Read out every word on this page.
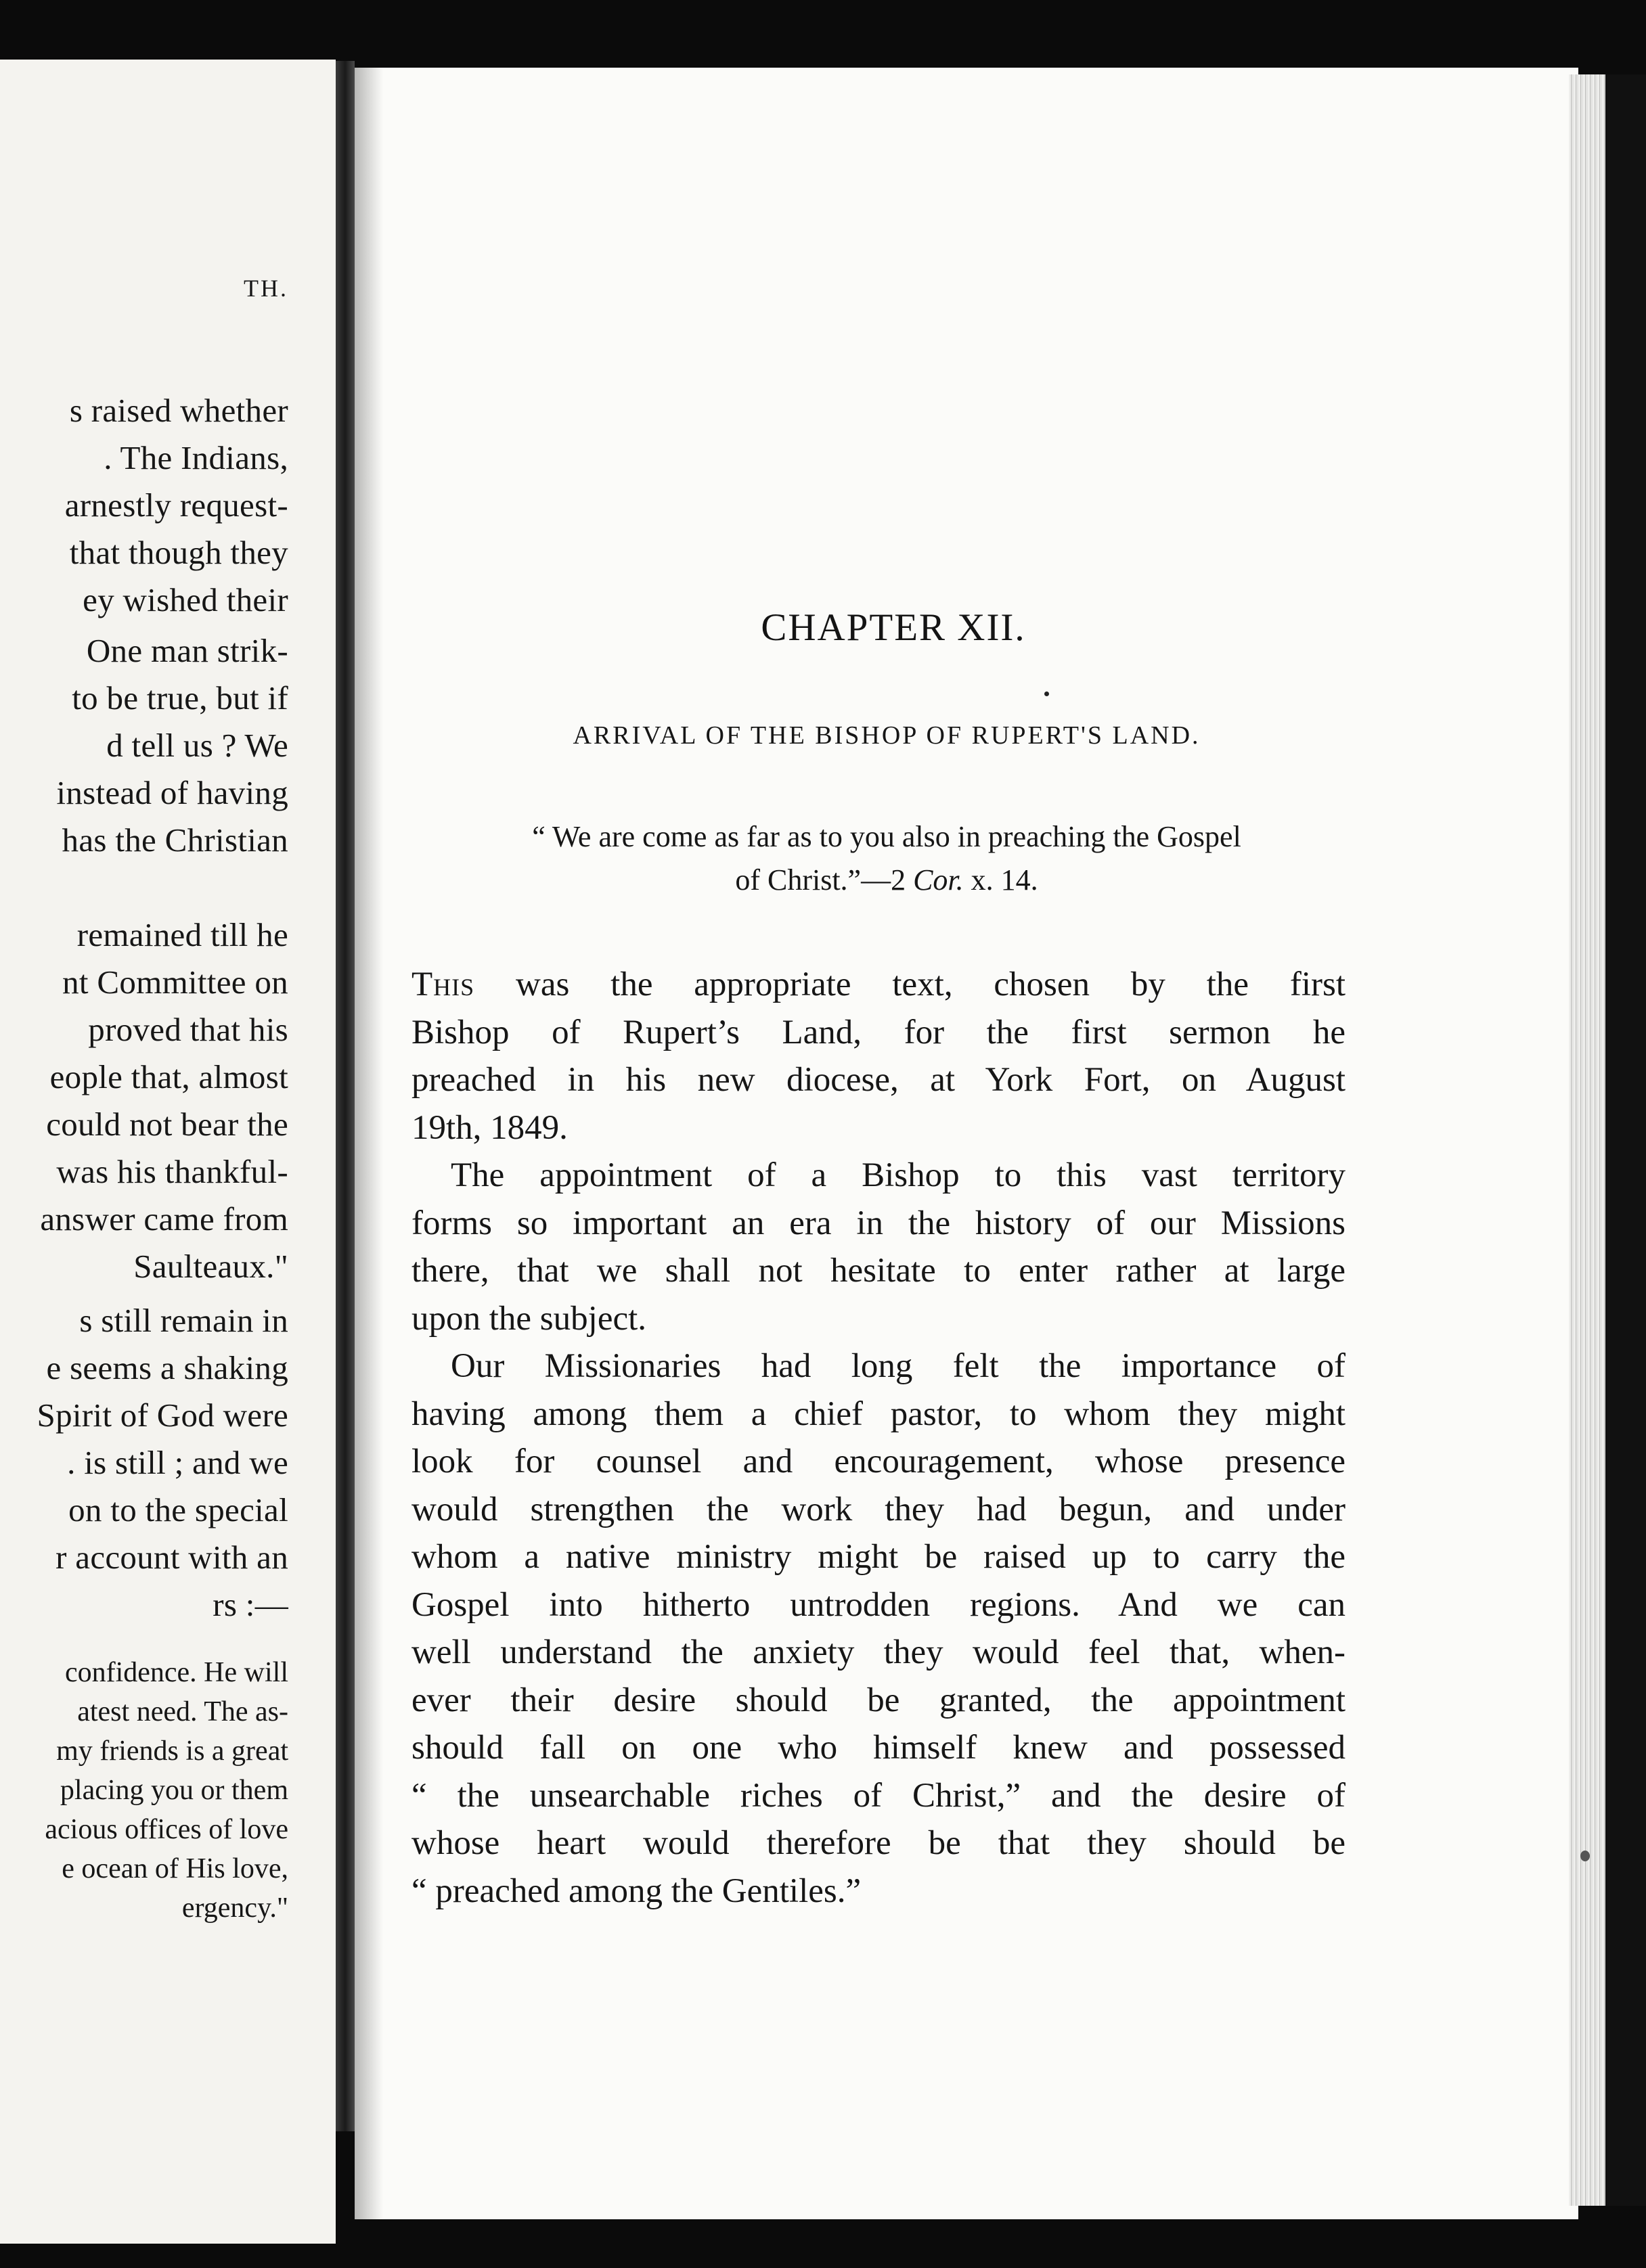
TH.
s raised whether
. The Indians,
arnestly request-
that though they
ey wished their
One man strik-
to be true, but if
d tell us ? We
instead of having
has the Christian
remained till he
nt Committee on
proved that his
eople that, almost
could not bear the
was his thankful-
answer came from
Saulteaux."
s still remain in
e seems a shaking
Spirit of God were
. is still ; and we
on to the special
r account with an
rs :—
confidence. He will
atest need. The as-
my friends is a great
placing you or them
acious offices of love
e ocean of His love,
ergency."
CHAPTER XII.
ARRIVAL OF THE BISHOP OF RUPERT'S LAND.
“ We are come as far as to you also in preaching the Gospel
of Christ.”—2 Cor. x. 14.
This was the appropriate text, chosen by the first
Bishop of Rupert’s Land, for the first sermon he
preached in his new diocese, at York Fort, on August
19th, 1849.
The appointment of a Bishop to this vast territory
forms so important an era in the history of our Missions
there, that we shall not hesitate to enter rather at large
upon the subject.
Our Missionaries had long felt the importance of
having among them a chief pastor, to whom they might
look for counsel and encouragement, whose presence
would strengthen the work they had begun, and under
whom a native ministry might be raised up to carry the
Gospel into hitherto untrodden regions. And we can
well understand the anxiety they would feel that, when-
ever their desire should be granted, the appointment
should fall on one who himself knew and possessed
“ the unsearchable riches of Christ,” and the desire of
whose heart would therefore be that they should be
“ preached among the Gentiles.”
